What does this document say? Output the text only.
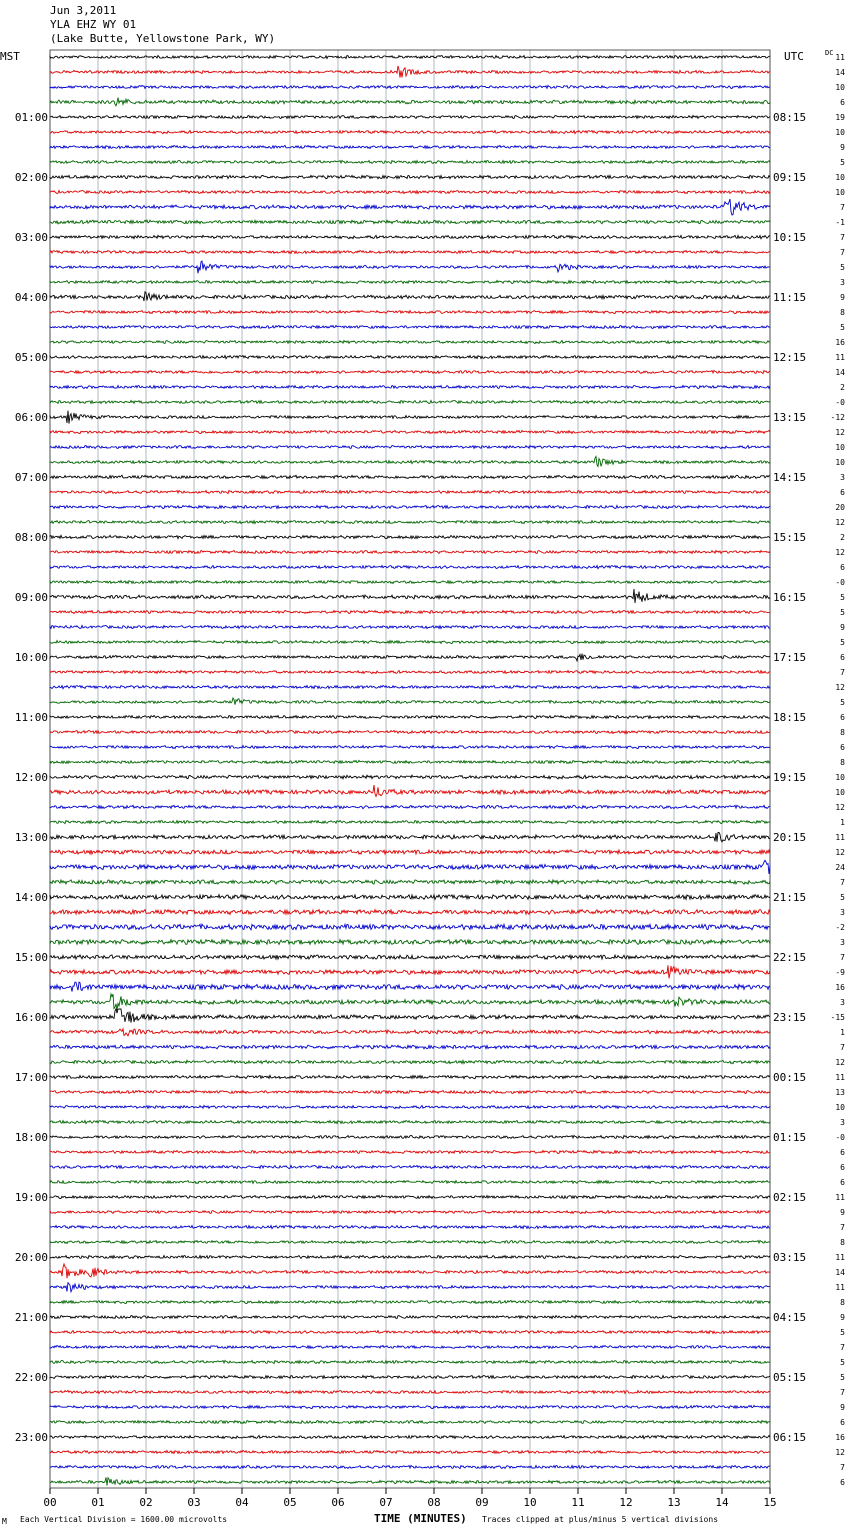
Jun 3,2011
YLA EHZ WY 01
(Lake Butte, Yellowstone Park, WY)
MST	UTC	DC
01:00	08:15
02:00	09:15
03:00	10:15
04:00	11:15
05:00	12:15
06:00	13:15
07:00	14:15
08:00	15:15
09:00	16:15
10:00	17:15
11:00	18:15
12:00	19:15
13:00	20:15
14:00	21:15
15:00	22:15
16:00	23:15
17:00	00:15
18:00	01:15
19:00	02:15
20:00	03:15
21:00	04:15
22:00	05:15
23:00	06:15
11
14
10
6
19
10
9
5
10
10
7
-1
7
7
5
3
9
8
5
16
11
14
2
-0
-12
12
10
10
3
6
20
12
2
12
6
-0
5
5
9
5
6
7
12
5
6
8
6
8
10
10
12
1
11
12
24
7
5
3
-2
3
7
-9
16
3
-15
1
7
12
11
13
10
3
-0
6
6
6
11
9
7
8
11
14
11
8
9
5
7
5
5
7
9
6
16
12
7
6
00	01	02	03	04	05	06	07	08	09	10	11	12	13	14	15
M Each Vertical Division = 1600.00 microvolts	TIME (MINUTES) Traces clipped at plus/minus 5 vertical divisions
